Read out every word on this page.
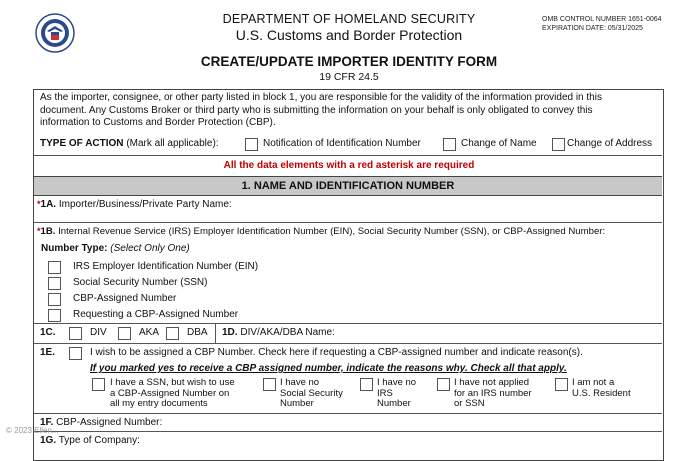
DEPARTMENT OF HOMELAND SECURITY
U.S. Customs and Border Protection
OMB CONTROL NUMBER 1651-0064
EXPIRATION DATE: 05/31/2025
CREATE/UPDATE IMPORTER IDENTITY FORM
19 CFR 24.5
As the importer, consignee, or other party listed in block 1, you are responsible for the validity of the information provided in this document. Any Customs Broker or third party who is submitting the information on your behalf is only obligated to convey this information to Customs and Border Protection (CBP).
TYPE OF ACTION (Mark all applicable):	Notification of Identification Number	Change of Name	Change of Address
All the data elements with a red asterisk are required
1. NAME AND IDENTIFICATION NUMBER
*1A. Importer/Business/Private Party Name:
*1B. Internal Revenue Service (IRS) Employer Identification Number (EIN), Social Security Number (SSN), or CBP-Assigned Number:
Number Type: (Select Only One)
IRS Employer Identification Number (EIN)
Social Security Number (SSN)
CBP-Assigned Number
Requesting a CBP-Assigned Number
1C.	DIV	AKA	DBA 1D. DIV/AKA/DBA Name:
1E.	I wish to be assigned a CBP Number. Check here if requesting a CBP-assigned number and indicate reason(s).
If you marked yes to receive a CBP assigned number, indicate the reasons why. Check all that apply.
I have a SSN, but wish to use
a CBP-Assigned Number on
all my entry documents
I have no
Social Security
Number
I have no
IRS
Number
I have not applied
for an IRS number
or SSN
I am not a
U.S. Resident
1F. CBP-Assigned Number:
1G. Type of Company:
© 2023 Ellen...
